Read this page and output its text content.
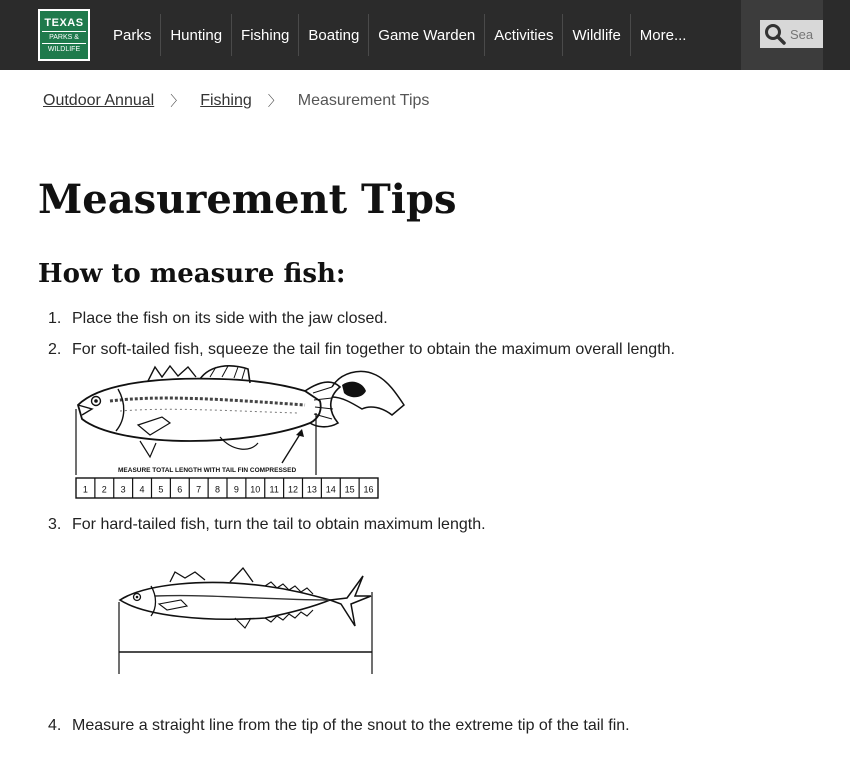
TEXAS
PARKS &
WILDLIFE
Parks	Hunting	Fishing	Boating	Game Warden	Activities	Wildlife	More...
Sea
Outdoor Annual 〉 Fishing 〉 Measurement Tips
Measurement Tips
How to measure fish:
1. Place the fish on its side with the jaw closed.
2. For soft-tailed fish, squeeze the tail fin together to obtain the maximum overall length.
MEASURE TOTAL LENGTH WITH TAIL FIN COMPRESSED
1 2 3 4 5 6 7 8 9 10 11 12 13 14 15 16
3. For hard-tailed fish, turn the tail to obtain maximum length.
4. Measure a straight line from the tip of the snout to the extreme tip of the tail fin.
